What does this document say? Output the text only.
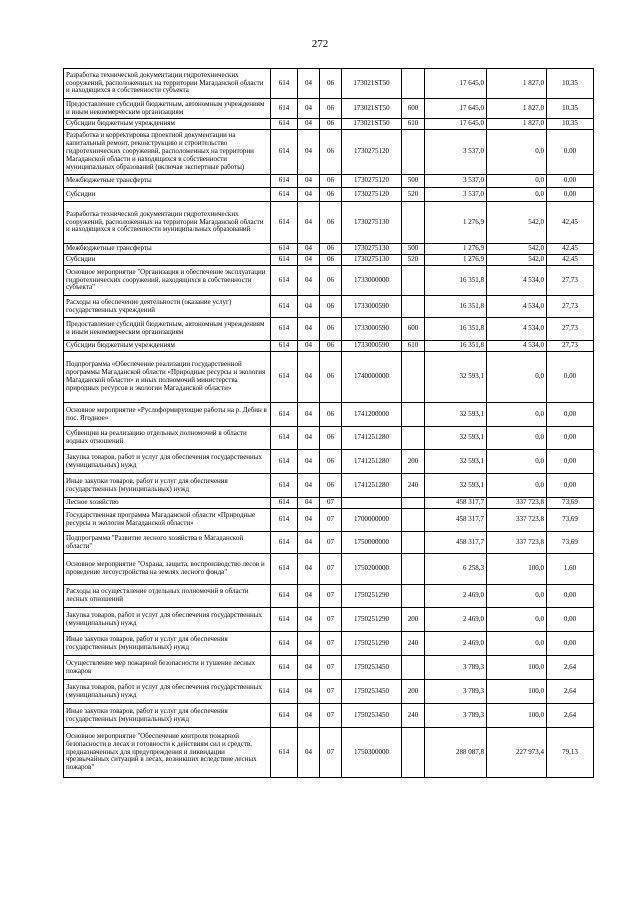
272
Разработка технической документации гидротехнических сооружений, расположенных на территории Магаданской области и находящихся в собственности субъекта	614	04	06	173021SТ50		17 645,0	1 827,0	10,35
Предоставление субсидий бюджетным, автономным учреждениям и иным некоммерческим организациям	614	04	06	173021SТ50	600	17 645,0	1 827,0	10,35
Субсидии бюджетным учреждениям	614	04	06	173021SТ50	610	17 645,0	1 827,0	10,35
Разработка и корректировка проектной документации на капитальный ремонт, реконструкцию и строительство гидротехнических сооружений, расположенных на территории Магаданской области и находящихся в собственности муниципальных образований (включая экспертные работы)	614	04	06	1730275120		3 537,0	0,0	0,00
Межбюджетные трансферты	614	04	06	1730275120	500	3 537,0	0,0	0,00
Субсидии	614	04	06	1730275120	520	3 537,0	0,0	0,00
Разработка технической документации гидротехнических сооружений, расположенных на территории Магаданской области и находящихся в собственности муниципальных образований	614	04	06	1730275130		1 276,9	542,0	42,45
Межбюджетные трансферты	614	04	06	1730275130	500	1 276,9	542,0	42,45
Субсидии	614	04	06	1730275130	520	1 276,9	542,0	42,45
Основное мероприятие "Организация и обеспечение эксплуатации гидротехнических сооружений, находящихся в собственности субъекта"	614	04	06	1733000000		16 351,8	4 534,0	27,73
Расходы на обеспечение деятельности (оказание услуг) государственных учреждений	614	04	06	1733000590		16 351,8	4 534,0	27,73
Предоставление субсидий бюджетным, автономным учреждениям и иным некоммерческим организациям	614	04	06	1733000590	600	16 351,8	4 534,0	27,73
Субсидии бюджетным учреждениям	614	04	06	1733000590	610	16 351,8	4 534,0	27,73
Подпрограмма «Обеспечение реализации государственной программы Магаданской области «Природные ресурсы и экология Магаданской области» и иных полномочий министерства природных ресурсов и экологии Магаданской области»	614	04	06	1740000000		32 593,1	0,0	0,00
Основное мероприятие «Руслоформирующие работы на р. Дебин в пос. Ягодное»	614	04	06	1741200000		32 593,1	0,0	0,00
Субвенции на реализацию отдельных полномочий в области водных отношений	614	04	06	1741251280		32 593,1	0,0	0,00
Закупка товаров, работ и услуг для обеспечения государственных (муниципальных) нужд	614	04	06	1741251280	200	32 593,1	0,0	0,00
Иные закупки товаров, работ и услуг для обеспечения государственных (муниципальных) нужд	614	04	06	1741251280	240	32 593,1	0,0	0,00
Лесное хозяйство	614	04	07			458 317,7	337 723,8	73,69
Государственная программа Магаданской области «Природные ресурсы и экология Магаданской области»	614	04	07	1700000000		458 317,7	337 723,8	73,69
Подпрограмма "Развитие лесного хозяйства в Магаданской области"	614	04	07	1750000000		458 317,7	337 723,8	73,69
Основное мероприятие "Охрана, защита, воспроизводство лесов и проведение лесоустройства на землях лесного фонда"	614	04	07	1750200000		6 258,3	100,0	1,60
Расходы на осуществление отдельных полномочий в области лесных отношений	614	04	07	1750251290		2 469,0	0,0	0,00
Закупка товаров, работ и услуг для обеспечения государственных (муниципальных) нужд	614	04	07	1750251290	200	2 469,0	0,0	0,00
Иные закупки товаров, работ и услуг для обеспечения государственных (муниципальных) нужд	614	04	07	1750251290	240	2 469,0	0,0	0,00
Осуществление мер пожарной безопасности и тушение лесных пожаров	614	04	07	1750253450		3 789,3	100,0	2,64
Закупка товаров, работ и услуг для обеспечения государственных (муниципальных) нужд	614	04	07	1750253450	200	3 789,3	100,0	2,64
Иные закупки товаров, работ и услуг для обеспечения государственных (муниципальных) нужд	614	04	07	1750253450	240	3 789,3	100,0	2,64
Основное мероприятие "Обеспечение контроля пожарной безопасности в лесах и готовности к действиям сил и средств, предназначенных для предупреждения и ликвидации чрезвычайных ситуаций в лесах, возникших вследствие лесных пожаров"	614	04	07	1750300000		288 087,8	227 973,4	79,13
